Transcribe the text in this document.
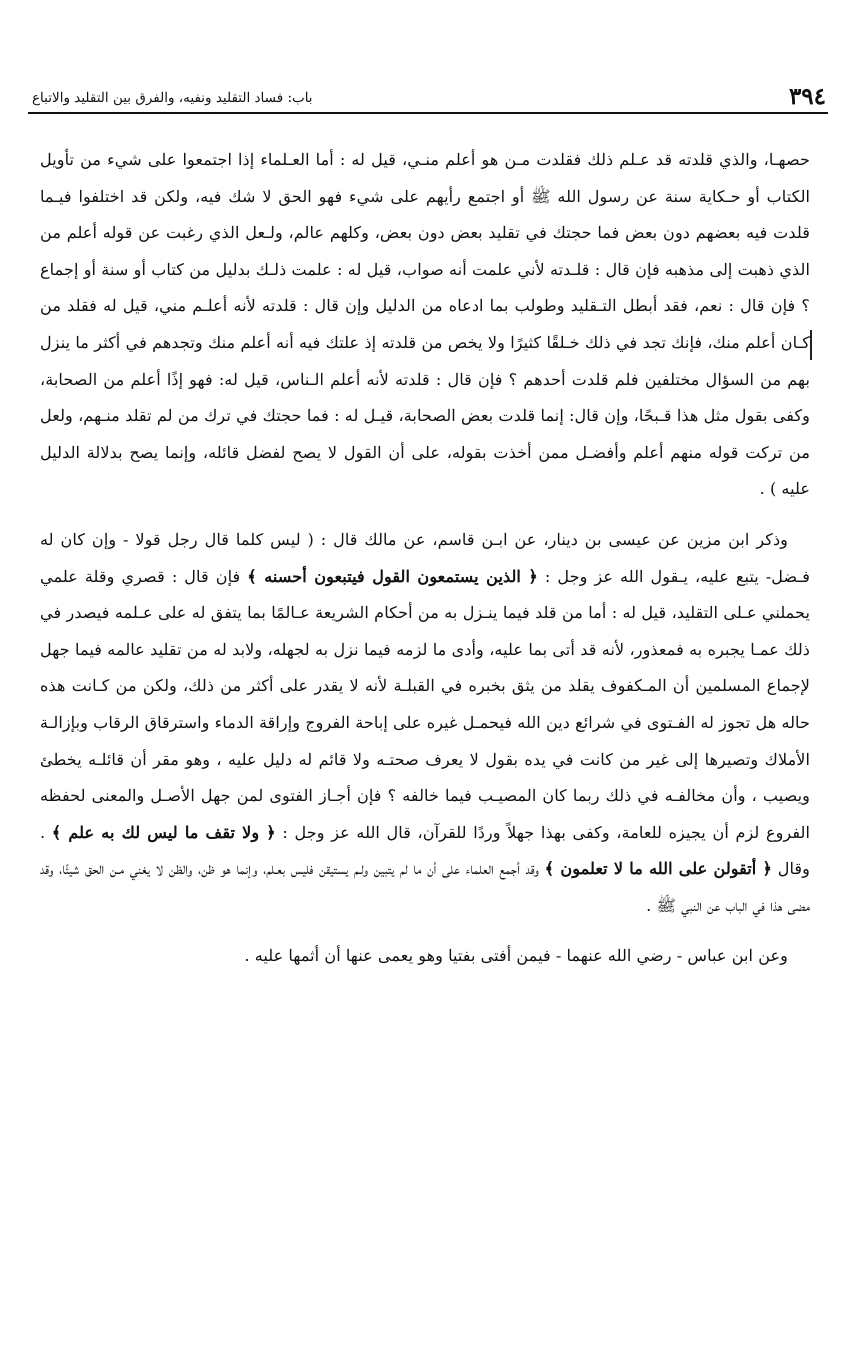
٣٩٤
باب: فساد التقليد ونفيه، والفرق بين التقليد والاتباع

حصهـا، والذي قلدته قد عـلم ذلك فقلدت مـن هو أعلم منـي، قيل له : أما العـلماء إذا اجتمعوا على شيء من تأويل الكتاب أو حـكاية سنة عن رسول الله ﷺ أو اجتمع رأيهم على شيء فهو الحق لا شك فيه، ولكن قد اختلفوا فيـما قلدت فيه بعضهم دون بعض فما حجتك في تقليد بعض دون بعض، وكلهم عالم، ولـعل الذي رغبت عن قوله أعلم من الذي ذهبت إلى مذهبه فإن قال : قلـدته لأني علمت أنه صواب، قيل له : علمت ذلـك بدليل من كتاب أو سنة أو إجماع ؟ فإن قال : نعم، فقد أبطل التـقليد وطولب بما ادعاه من الدليل وإن قال : قلدته لأنه أعلـم مني، قيل له فقلد من كـان أعلم منك، فإنك تجد في ذلك خـلقًا كثيرًا ولا يخص من قلدته إذ علتك فيه أنه أعلم منك وتجدهم في أكثر ما ينزل بهم من السؤال مختلفين فلم قلدت أحدهم ؟ فإن قال : قلدته لأنه أعلم الـناس، قيل له: فهو إذًا أعلم من الصحابة، وكفى بقول مثل هذا قـبحًا، وإن قال: إنما قلدت بعض الصحابة، قيـل له : فما حجتك في ترك من لم تقلد منـهم، ولعل من تركت قوله منهم أعلم وأفضـل ممن أخذت بقوله، على أن القول لا يصح لفضل قائله، وإنما يصح بدلالة الدليل عليه ) .

وذكر ابن مزين عن عيسى بن دينار، عن ابـن قاسم، عن مالك قال : ( ليس كلما قال رجل قولا - وإن كان له فـضل- يتبع عليه، يـقول الله عز وجل : ﴿ الذين يستمعون القول فيتبعون أحسنه ﴾ فإن قال : قصري وقلة علمي يحملني عـلى التقليد، قيل له : أما من قلد فيما ينـزل به من أحكام الشريعة عـالمًا بما يتفق له على عـلمه فيصدر في ذلك عمـا يجبره به فمعذور، لأنه قد أتى بما عليه، وأدى ما لزمه فيما نزل به لجهله، ولابد له من تقليد عالمه فيما جهل لإجماع المسلمين أن المـكفوف يقلد من يثق بخبره في القبلـة لأنه لا يقدر على أكثر من ذلك، ولكن من كـانت هذه حاله هل تجوز له الفـتوى في شرائع دين الله فيحمـل غيره على إباحة الفروج وإراقة الدماء واسترقاق الرقاب وبإزالـة الأملاك وتصيرها إلى غير من كانت في يده بقول لا يعرف صحتـه ولا قائم له دليل عليه ، وهو مقر أن قائلـه يخطئ ويصيب ، وأن مخالفـه في ذلك ربما كان المصيـب فيما خالفه ؟ فإن أجـاز الفتوى لمن جهل الأصـل والمعنى لحفظه الفروع لزم أن يجيزه للعامة، وكفى بهذا جهلاً وردًا للقرآن، قال الله عز وجل : ﴿ ولا تقف ما ليس لك به علم ﴾ . وقال ﴿ أتقولن على الله ما لا تعلمون ﴾ وقد أجمع العلماء على أن ما لم يتبين ولـم يستيقن فليس بعـلم، وإنما هو ظن، والظن لا يغني مـن الحق شيئًا، وقد مضى هذا في الباب عن النبي ﷺ .

وعن ابن عباس - رضي الله عنهما - فيمن أفتى بفتيا وهو يعمى عنها أن أثمها عليه .
